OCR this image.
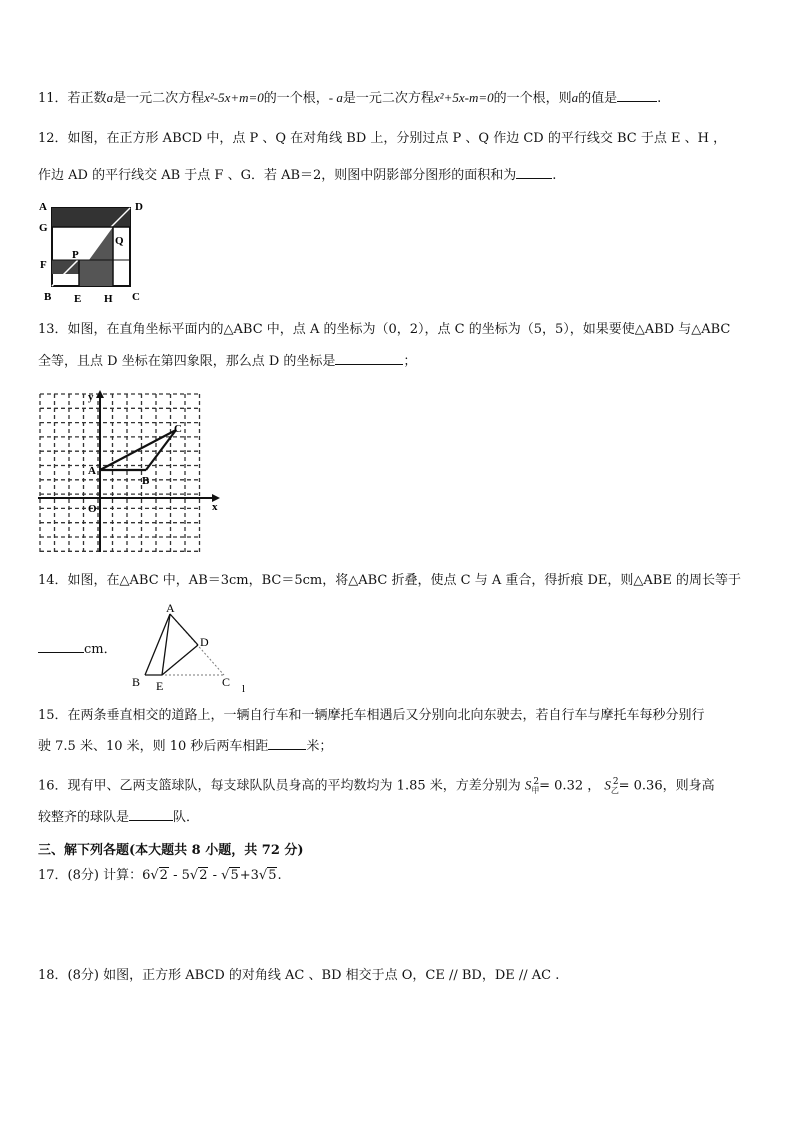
11．若正数a是一元二次方程x²-5x+m=0的一个根，- a是一元二次方程x²+5x-m=0的一个根，则a的值是	.
12．如图，在正方形 ABCD 中，点 P 、Q 在对角线 BD 上，分别过点 P 、Q 作边 CD 的平行线交 BC 于点 E 、H ，
作边 AD 的平行线交 AB 于点 F 、G．若 AB＝2，则图中阴影部分图形的面积和为	.
A	D
G
Q
F
P
B E H C
13．如图，在直角坐标平面内的△ABC 中，点 A 的坐标为（0，2），点 C 的坐标为（5，5），如果要使△ABD 与△ABC
全等，且点 D 坐标在第四象限，那么点 D 的坐标是	；
y
x
O
A
B
C
14．如图，在△ABC 中，AB＝3cm，BC＝5cm，将△ABC 折叠，使点 C 与 A 重合，得折痕 DE，则△ABE 的周长等于
cm．
A
D
B E	C l
15．在两条垂直相交的道路上，一辆自行车和一辆摩托车相遇后又分别向北向东驶去，若自行车与摩托车每秒分别行
驶 7.5 米、10 米，则 10 秒后两车相距	米；
16．现有甲、乙两支篮球队，每支球队队员身高的平均数均为 1.85 米，方差分别为 $S_甲^2= 0.32$ ， $S_乙^2= 0.36$，则身高
较整齐的球队是	队．
三、解下列各题(本大题共 8 小题，共 72 分)
17．(8分) 计算：6√2 - 5√2 - √5+3√5.
18．(8分) 如图，正方形 ABCD 的对角线 AC 、BD 相交于点 O，CE // BD，DE // AC .
